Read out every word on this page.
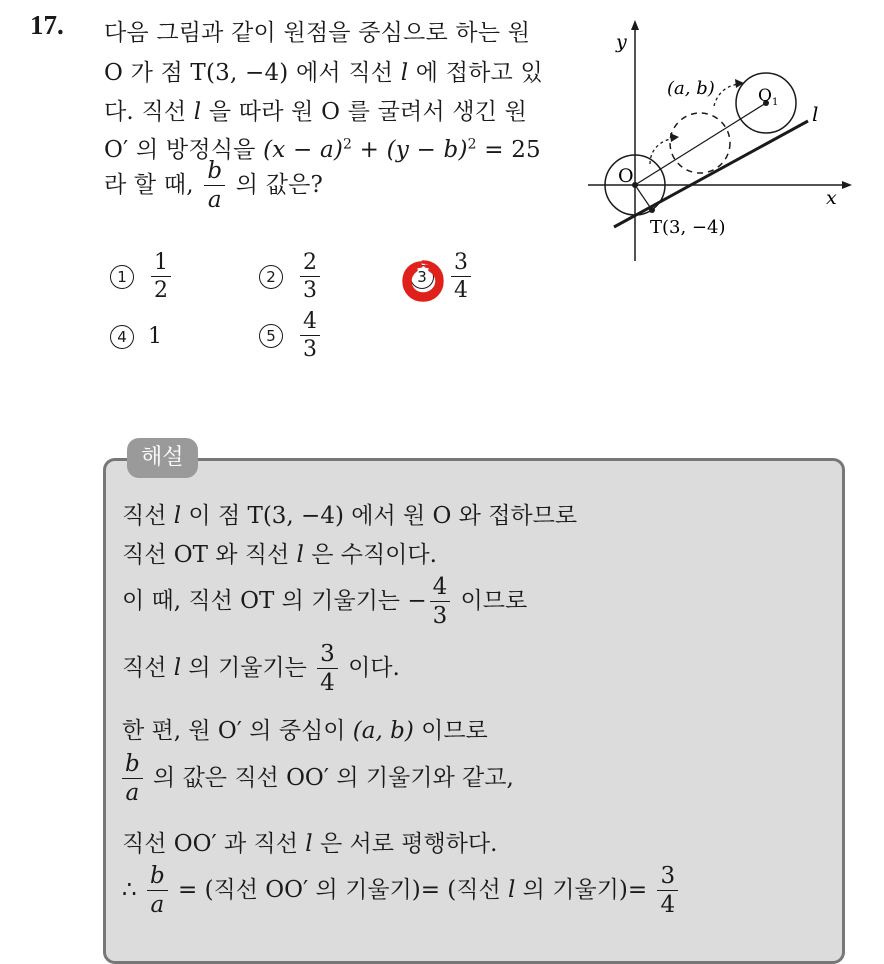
17. 다음 그림과 같이 원점을 중심으로 하는 원
O 가 점 T(3, −4) 에서 직선 l 에 접하고 있
다. 직선 l 을 따라 원 O 를 굴려서 생긴 원
O′ 의 방정식을 $(x - a)^2 + (y - b)^2 = 25$
라 할 때, $\frac{b}{a}$ 의 값은?
1	$\frac{1}{2}$	2	$\frac{2}{3}$	3	$\frac{3}{4}$
4 1	5	$\frac{4}{3}$
y
x
O
$O_1$
(a, b)
l
T(3, −4)
해설
직선 l 이 점 T(3, −4) 에서 원 O 와 접하므로
직선 OT 와 직선 l 은 수직이다.
이 때, 직선 OT 의 기울기는 − $\frac{4}{3}$ 이므로
직선 l 의 기울기는 $\frac{3}{4}$ 이다.
한 편, 원 O′ 의 중심이 (a, b) 이므로
$\frac{b}{a}$ 의 값은 직선 OO′ 의 기울기와 같고,
직선 OO′ 과 직선 l 은 서로 평행하다.
∴ $\frac{b}{a}$ = (직선 OO′ 의 기울기)= (직선 l 의 기울기)= $\frac{3}{4}$
